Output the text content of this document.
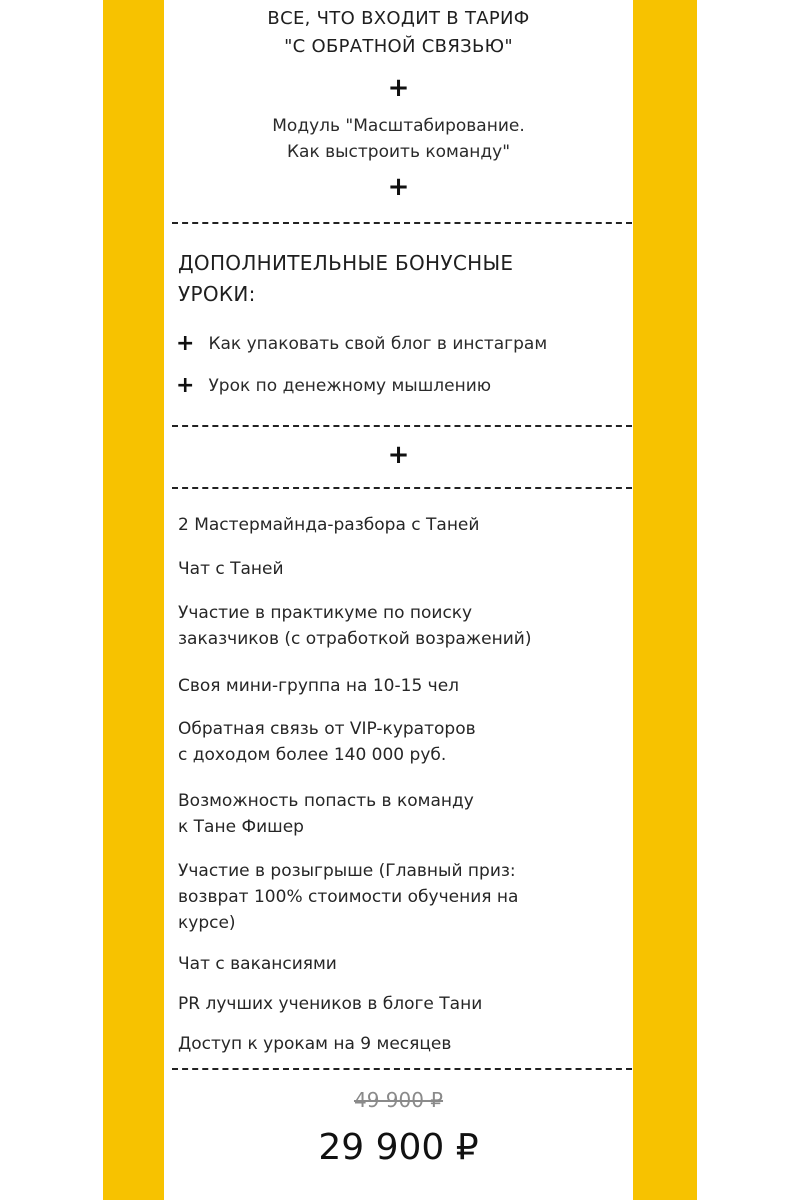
ВСЕ, ЧТО ВХОДИТ В ТАРИФ
"С ОБРАТНОЙ СВЯЗЬЮ"
+
Модуль "Масштабирование.
Как выстроить команду"
+
ДОПОЛНИТЕЛЬНЫЕ БОНУСНЫЕ
УРОКИ:
+ Как упаковать свой блог в инстаграм
+ Урок по денежному мышлению
+
2 Мастермайнда-разбора с Таней
Чат с Таней
Участие в практикуме по поиску
заказчиков (с отработкой возражений)
Своя мини-группа на 10-15 чел
Обратная связь от VIP-кураторов
с доходом более 140 000 руб.
Возможность попасть в команду
к Тане Фишер
Участие в розыгрыше (Главный приз:
возврат 100% стоимости обучения на
курсе)
Чат с вакансиями
PR лучших учеников в блоге Тани
Доступ к урокам на 9 месяцев
49 900 ₽
29 900 ₽
